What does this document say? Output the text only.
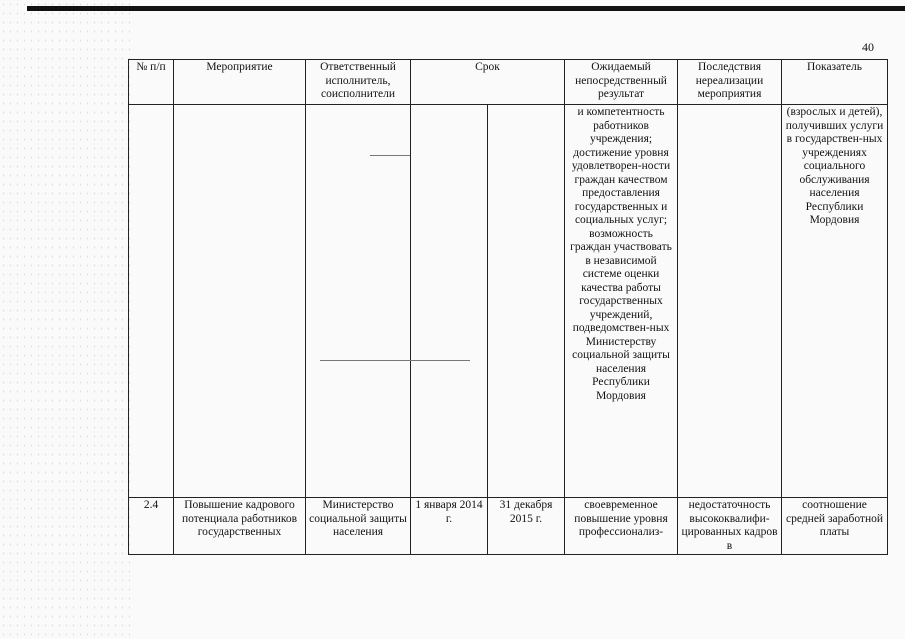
40
№ п/п	Мероприятие	Ответственный исполнитель, соисполнители	Срок		Ожидаемый непосредственный результат	Последствия нереализации мероприятия	Показатель
					и компетентность работников учреждения; достижение уровня удовлетворен-ности граждан качеством предоставления государственных и социальных услуг; возможность граждан участвовать в независимой системе оценки качества работы государственных учреждений, подведомствен-ных Министерству социальной защиты населения Республики Мордовия		(взрослых и детей), получивших услуги в государствен-ных учреждениях социального обслуживания населения Республики Мордовия
2.4	Повышение кадрового потенциала работников государственных	Министерство социальной защиты населения	1 января 2014 г.	31 декабря 2015 г.	своевременное повышение уровня профессионализ-	недостаточность высококвалифи-цированных кадров в	соотношение средней заработной платы
